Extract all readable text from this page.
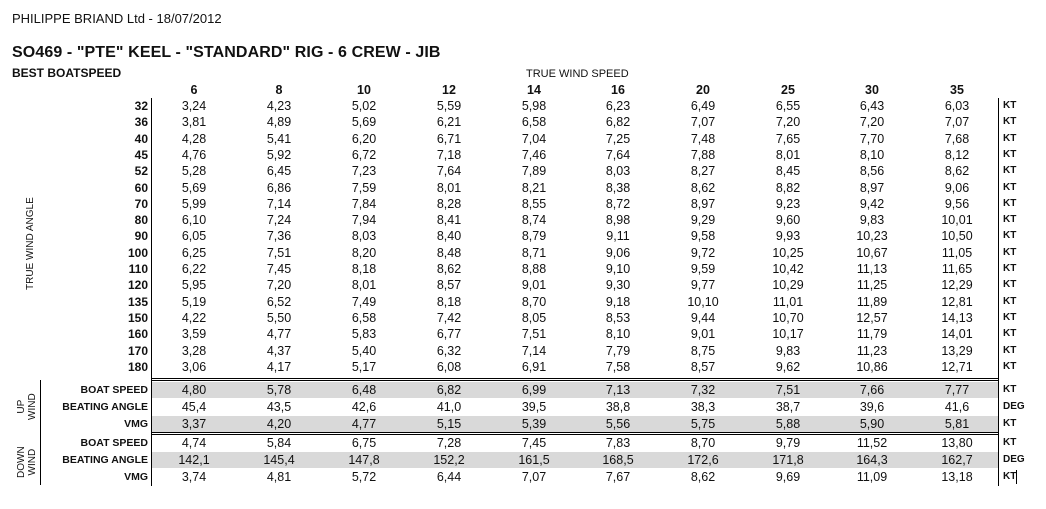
PHILIPPE BRIAND Ltd - 18/07/2012
SO469 - "PTE" KEEL - "STANDARD" RIG - 6 CREW - JIB
BEST BOATSPEED	TRUE WIND SPEED
TRUE WIND ANGLE
UP
WIND
DOWN
WIND
6	8	10	12	14	16	20	25	30	35
32	3,24	4,23	5,02	5,59	5,98	6,23	6,49	6,55	6,43	6,03	KT
36	3,81	4,89	5,69	6,21	6,58	6,82	7,07	7,20	7,20	7,07	KT
40	4,28	5,41	6,20	6,71	7,04	7,25	7,48	7,65	7,70	7,68	KT
45	4,76	5,92	6,72	7,18	7,46	7,64	7,88	8,01	8,10	8,12	KT
52	5,28	6,45	7,23	7,64	7,89	8,03	8,27	8,45	8,56	8,62	KT
60	5,69	6,86	7,59	8,01	8,21	8,38	8,62	8,82	8,97	9,06	KT
70	5,99	7,14	7,84	8,28	8,55	8,72	8,97	9,23	9,42	9,56	KT
80	6,10	7,24	7,94	8,41	8,74	8,98	9,29	9,60	9,83	10,01	KT
90	6,05	7,36	8,03	8,40	8,79	9,11	9,58	9,93	10,23	10,50	KT
100	6,25	7,51	8,20	8,48	8,71	9,06	9,72	10,25	10,67	11,05	KT
110	6,22	7,45	8,18	8,62	8,88	9,10	9,59	10,42	11,13	11,65	KT
120	5,95	7,20	8,01	8,57	9,01	9,30	9,77	10,29	11,25	12,29	KT
135	5,19	6,52	7,49	8,18	8,70	9,18	10,10	11,01	11,89	12,81	KT
150	4,22	5,50	6,58	7,42	8,05	8,53	9,44	10,70	12,57	14,13	KT
160	3,59	4,77	5,83	6,77	7,51	8,10	9,01	10,17	11,79	14,01	KT
170	3,28	4,37	5,40	6,32	7,14	7,79	8,75	9,83	11,23	13,29	KT
180	3,06	4,17	5,17	6,08	6,91	7,58	8,57	9,62	10,86	12,71	KT
BOAT SPEED	4,80	5,78	6,48	6,82	6,99	7,13	7,32	7,51	7,66	7,77	KT
BEATING ANGLE	45,4	43,5	42,6	41,0	39,5	38,8	38,3	38,7	39,6	41,6	DEG
VMG	3,37	4,20	4,77	5,15	5,39	5,56	5,75	5,88	5,90	5,81	KT
BOAT SPEED	4,74	5,84	6,75	7,28	7,45	7,83	8,70	9,79	11,52	13,80	KT
BEATING ANGLE	142,1	145,4	147,8	152,2	161,5	168,5	172,6	171,8	164,3	162,7	DEG
VMG	3,74	4,81	5,72	6,44	7,07	7,67	8,62	9,69	11,09	13,18	KT
